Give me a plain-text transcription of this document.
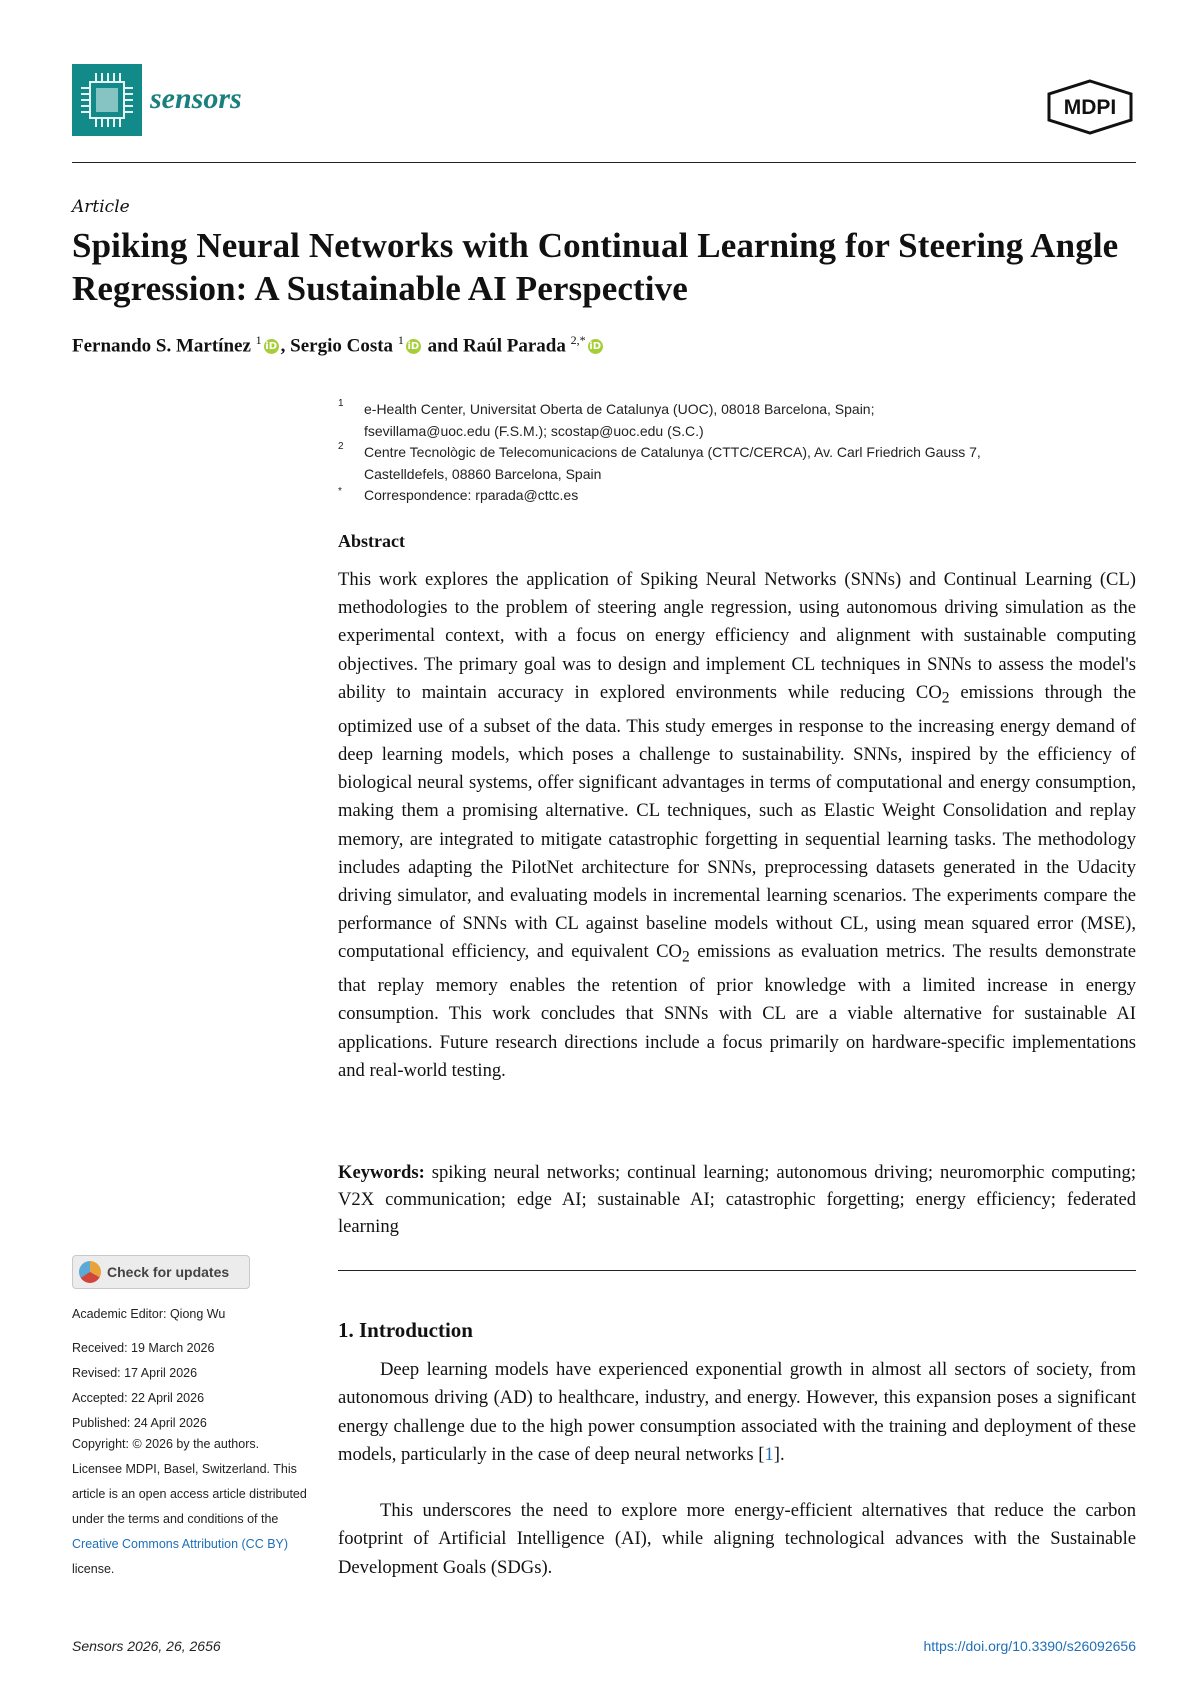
sensors	MDPI
Article
Spiking Neural Networks with Continual Learning for Steering Angle Regression: A Sustainable AI Perspective
Fernando S. Martínez $^1$ iD , Sergio Costa $^1$ iD and Raúl Parada $^{2,*}$ iD
1 e-Health Center, Universitat Oberta de Catalunya (UOC), 08018 Barcelona, Spain;
fsevillama@uoc.edu (F.S.M.); scostap@uoc.edu (S.C.)
2 Centre Tecnològic de Telecomunicacions de Catalunya (CTTC/CERCA), Av. Carl Friedrich Gauss 7,
Castelldefels, 08860 Barcelona, Spain
* Correspondence: rparada@cttc.es
Abstract
This work explores the application of Spiking Neural Networks (SNNs) and Continual Learning (CL) methodologies to the problem of steering angle regression, using autonomous driving simulation as the experimental context, with a focus on energy efficiency and alignment with sustainable computing objectives. The primary goal was to design and implement CL techniques in SNNs to assess the model's ability to maintain accuracy in explored environments while reducing $CO_2$ emissions through the optimized use of a subset of the data. This study emerges in response to the increasing energy demand of deep learning models, which poses a challenge to sustainability. SNNs, inspired by the efficiency of biological neural systems, offer significant advantages in terms of computational and energy consumption, making them a promising alternative. CL techniques, such as Elastic Weight Consolidation and replay memory, are integrated to mitigate catastrophic forgetting in sequential learning tasks. The methodology includes adapting the PilotNet architecture for SNNs, preprocessing datasets generated in the Udacity driving simulator, and evaluating models in incremental learning scenarios. The experiments compare the performance of SNNs with CL against baseline models without CL, using mean squared error (MSE), computational efficiency, and equivalent $CO_2$ emissions as evaluation metrics. The results demonstrate that replay memory enables the retention of prior knowledge with a limited increase in energy consumption. This work concludes that SNNs with CL are a viable alternative for sustainable AI applications. Future research directions include a focus primarily on hardware-specific implementations and real-world testing.
Keywords: spiking neural networks; continual learning; autonomous driving; neuromorphic computing; V2X communication; edge AI; sustainable AI; catastrophic forgetting; energy efficiency; federated learning
Check for updates
Academic Editor: Qiong Wu
Received: 19 March 2026
Revised: 17 April 2026
Accepted: 22 April 2026
Published: 24 April 2026
Copyright: © 2026 by the authors. Licensee MDPI, Basel, Switzerland. This article is an open access article distributed under the terms and conditions of the Creative Commons Attribution (CC BY) license.
1. Introduction

Deep learning models have experienced exponential growth in almost all sectors of society, from autonomous driving (AD) to healthcare, industry, and energy. However, this expansion poses a significant energy challenge due to the high power consumption associated with the training and deployment of these models, particularly in the case of deep neural networks [1].

This underscores the need to explore more energy-efficient alternatives that reduce the carbon footprint of Artificial Intelligence (AI), while aligning technological advances with the Sustainable Development Goals (SDGs).

Sensors 2026, 26, 2656	https://doi.org/10.3390/s26092656
